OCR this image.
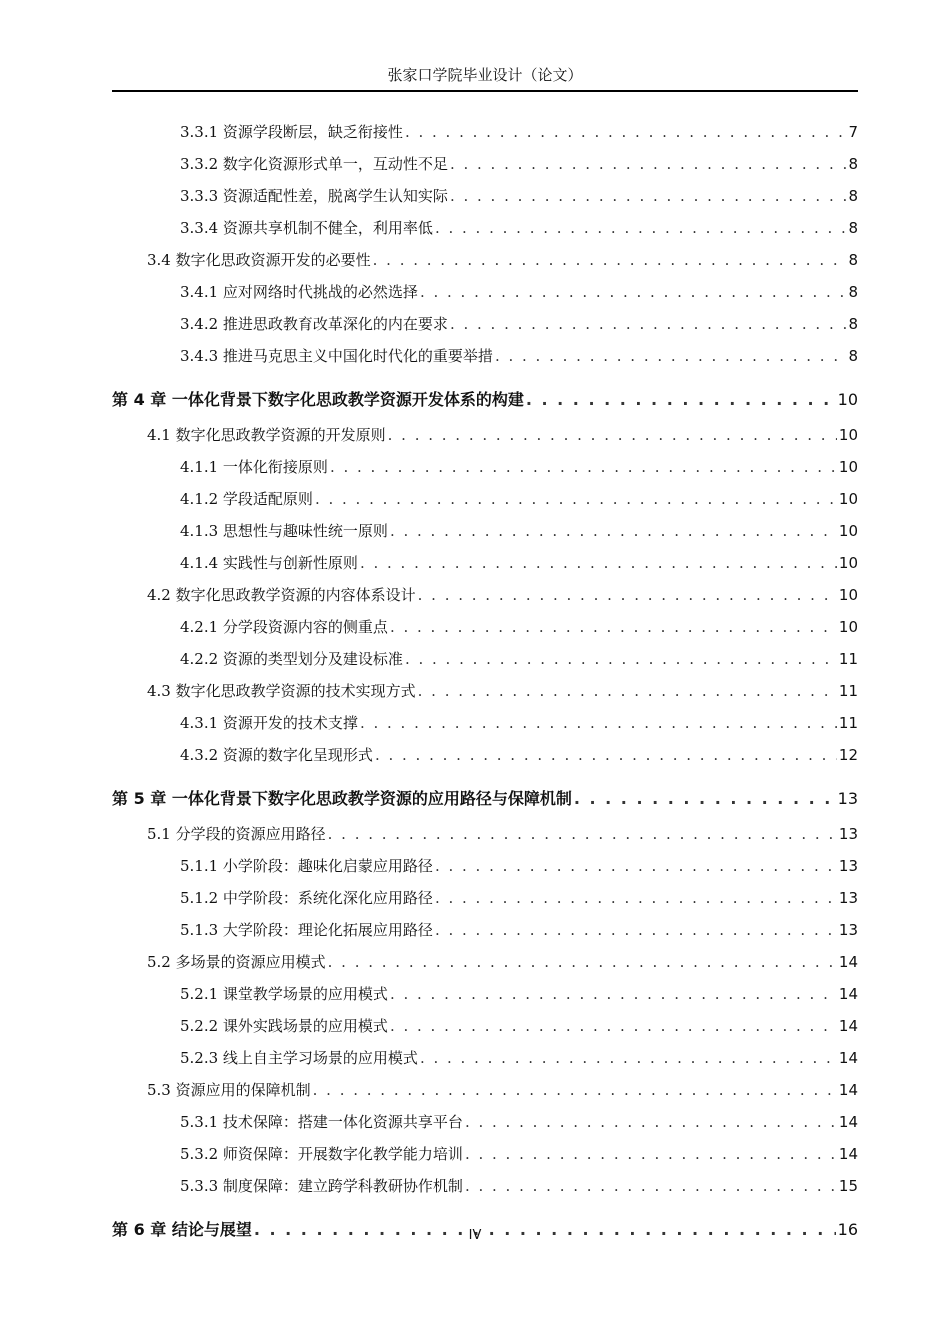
张家口学院毕业设计（论文）
3.3.1 资源学段断层，缺乏衔接性 . . .	7
3.3.2 数字化资源形式单一，互动性不足 . . .	8
3.3.3 资源适配性差，脱离学生认知实际 . . .	8
3.3.4 资源共享机制不健全，利用率低 . . .	8
3.4 数字化思政资源开发的必要性 . . .	8
3.4.1 应对网络时代挑战的必然选择 . . .	8
3.4.2 推进思政教育改革深化的内在要求 . . .	8
3.4.3 推进马克思主义中国化时代化的重要举措 . . .	8
第 4 章 一体化背景下数字化思政教学资源开发体系的构建 . . .	10
4.1 数字化思政教学资源的开发原则 . . .	10
4.1.1 一体化衔接原则 . . .	10
4.1.2 学段适配原则 . . .	10
4.1.3 思想性与趣味性统一原则 . . .	10
4.1.4 实践性与创新性原则 . . .	10
4.2 数字化思政教学资源的内容体系设计 . . .	10
4.2.1 分学段资源内容的侧重点 . . .	10
4.2.2 资源的类型划分及建设标准 . . .	11
4.3 数字化思政教学资源的技术实现方式 . . .	11
4.3.1 资源开发的技术支撑 . . .	11
4.3.2 资源的数字化呈现形式 . . .	12
第 5 章 一体化背景下数字化思政教学资源的应用路径与保障机制 . . .	13
5.1 分学段的资源应用路径 . . .	13
5.1.1 小学阶段：趣味化启蒙应用路径 . . .	13
5.1.2 中学阶段：系统化深化应用路径 . . .	13
5.1.3 大学阶段：理论化拓展应用路径 . . .	13
5.2 多场景的资源应用模式 . . .	14
5.2.1 课堂教学场景的应用模式 . . .	14
5.2.2 课外实践场景的应用模式 . . .	14
5.2.3 线上自主学习场景的应用模式 . . .	14
5.3 资源应用的保障机制 . . .	14
5.3.1 技术保障：搭建一体化资源共享平台 . . .	14
5.3.2 师资保障：开展数字化教学能力培训 . . .	14
5.3.3 制度保障：建立跨学科教研协作机制 . . .	15
第 6 章 结论与展望 . . .	16
IV
